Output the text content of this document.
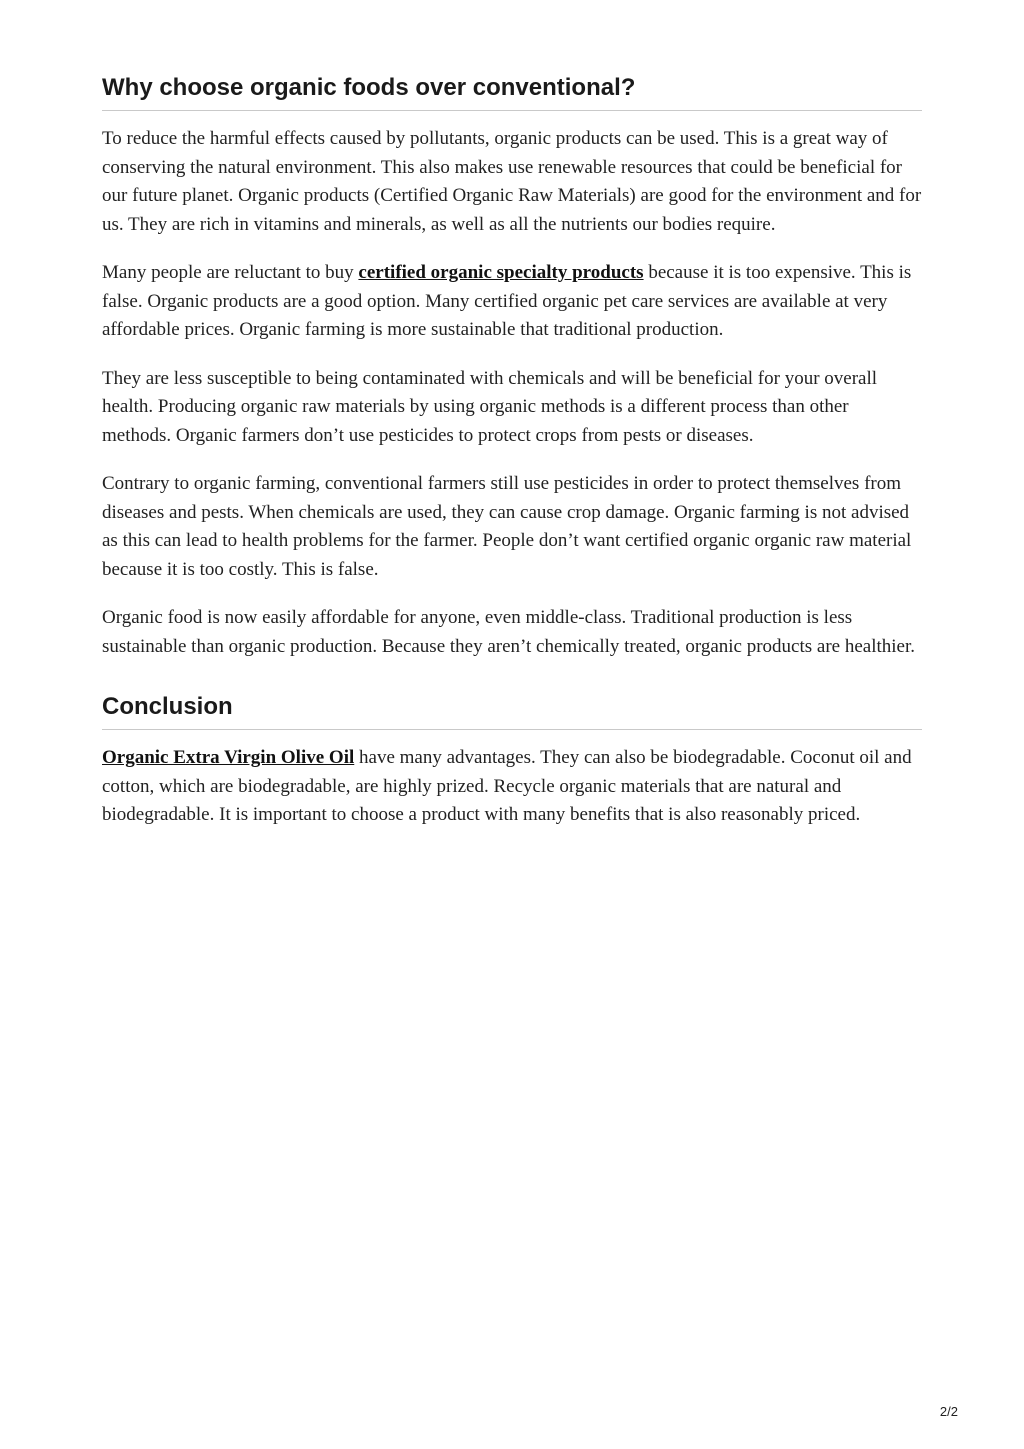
Why choose organic foods over conventional?

To reduce the harmful effects caused by pollutants, organic products can be used. This is a great way of conserving the natural environment. This also makes use renewable resources that could be beneficial for our future planet. Organic products (Certified Organic Raw Materials) are good for the environment and for us. They are rich in vitamins and minerals, as well as all the nutrients our bodies require.

Many people are reluctant to buy certified organic specialty products because it is too expensive. This is false. Organic products are a good option. Many certified organic pet care services are available at very affordable prices. Organic farming is more sustainable that traditional production.

They are less susceptible to being contaminated with chemicals and will be beneficial for your overall health. Producing organic raw materials by using organic methods is a different process than other methods. Organic farmers don’t use pesticides to protect crops from pests or diseases.

Contrary to organic farming, conventional farmers still use pesticides in order to protect themselves from diseases and pests. When chemicals are used, they can cause crop damage. Organic farming is not advised as this can lead to health problems for the farmer. People don’t want certified organic organic raw material because it is too costly. This is false.

Organic food is now easily affordable for anyone, even middle-class. Traditional production is less sustainable than organic production. Because they aren’t chemically treated, organic products are healthier.

Conclusion

Organic Extra Virgin Olive Oil have many advantages. They can also be biodegradable. Coconut oil and cotton, which are biodegradable, are highly prized. Recycle organic materials that are natural and biodegradable. It is important to choose a product with many benefits that is also reasonably priced.

2/2
